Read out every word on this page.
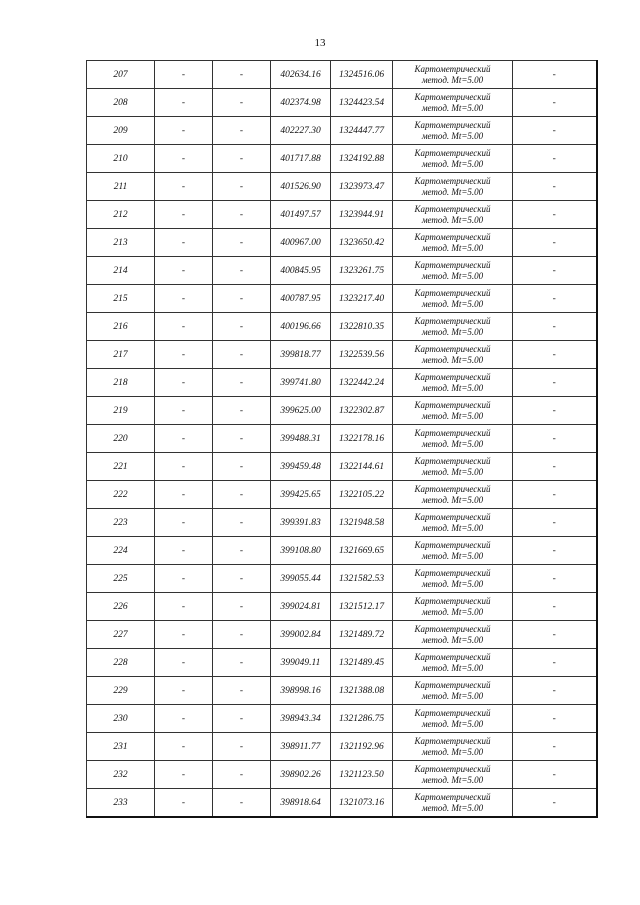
13
207	-	-	402634.16	1324516.06	Картометрический
метод. Mt=5.00	-
208	-	-	402374.98	1324423.54	Картометрический
метод. Mt=5.00	-
209	-	-	402227.30	1324447.77	Картометрический
метод. Mt=5.00	-
210	-	-	401717.88	1324192.88	Картометрический
метод. Mt=5.00	-
211	-	-	401526.90	1323973.47	Картометрический
метод. Mt=5.00	-
212	-	-	401497.57	1323944.91	Картометрический
метод. Mt=5.00	-
213	-	-	400967.00	1323650.42	Картометрический
метод. Mt=5.00	-
214	-	-	400845.95	1323261.75	Картометрический
метод. Mt=5.00	-
215	-	-	400787.95	1323217.40	Картометрический
метод. Mt=5.00	-
216	-	-	400196.66	1322810.35	Картометрический
метод. Mt=5.00	-
217	-	-	399818.77	1322539.56	Картометрический
метод. Mt=5.00	-
218	-	-	399741.80	1322442.24	Картометрический
метод. Mt=5.00	-
219	-	-	399625.00	1322302.87	Картометрический
метод. Mt=5.00	-
220	-	-	399488.31	1322178.16	Картометрический
метод. Mt=5.00	-
221	-	-	399459.48	1322144.61	Картометрический
метод. Mt=5.00	-
222	-	-	399425.65	1322105.22	Картометрический
метод. Mt=5.00	-
223	-	-	399391.83	1321948.58	Картометрический
метод. Mt=5.00	-
224	-	-	399108.80	1321669.65	Картометрический
метод. Mt=5.00	-
225	-	-	399055.44	1321582.53	Картометрический
метод. Mt=5.00	-
226	-	-	399024.81	1321512.17	Картометрический
метод. Mt=5.00	-
227	-	-	399002.84	1321489.72	Картометрический
метод. Mt=5.00	-
228	-	-	399049.11	1321489.45	Картометрический
метод. Mt=5.00	-
229	-	-	398998.16	1321388.08	Картометрический
метод. Mt=5.00	-
230	-	-	398943.34	1321286.75	Картометрический
метод. Mt=5.00	-
231	-	-	398911.77	1321192.96	Картометрический
метод. Mt=5.00	-
232	-	-	398902.26	1321123.50	Картометрический
метод. Mt=5.00	-
233	-	-	398918.64	1321073.16	Картометрический
метод. Mt=5.00	-
